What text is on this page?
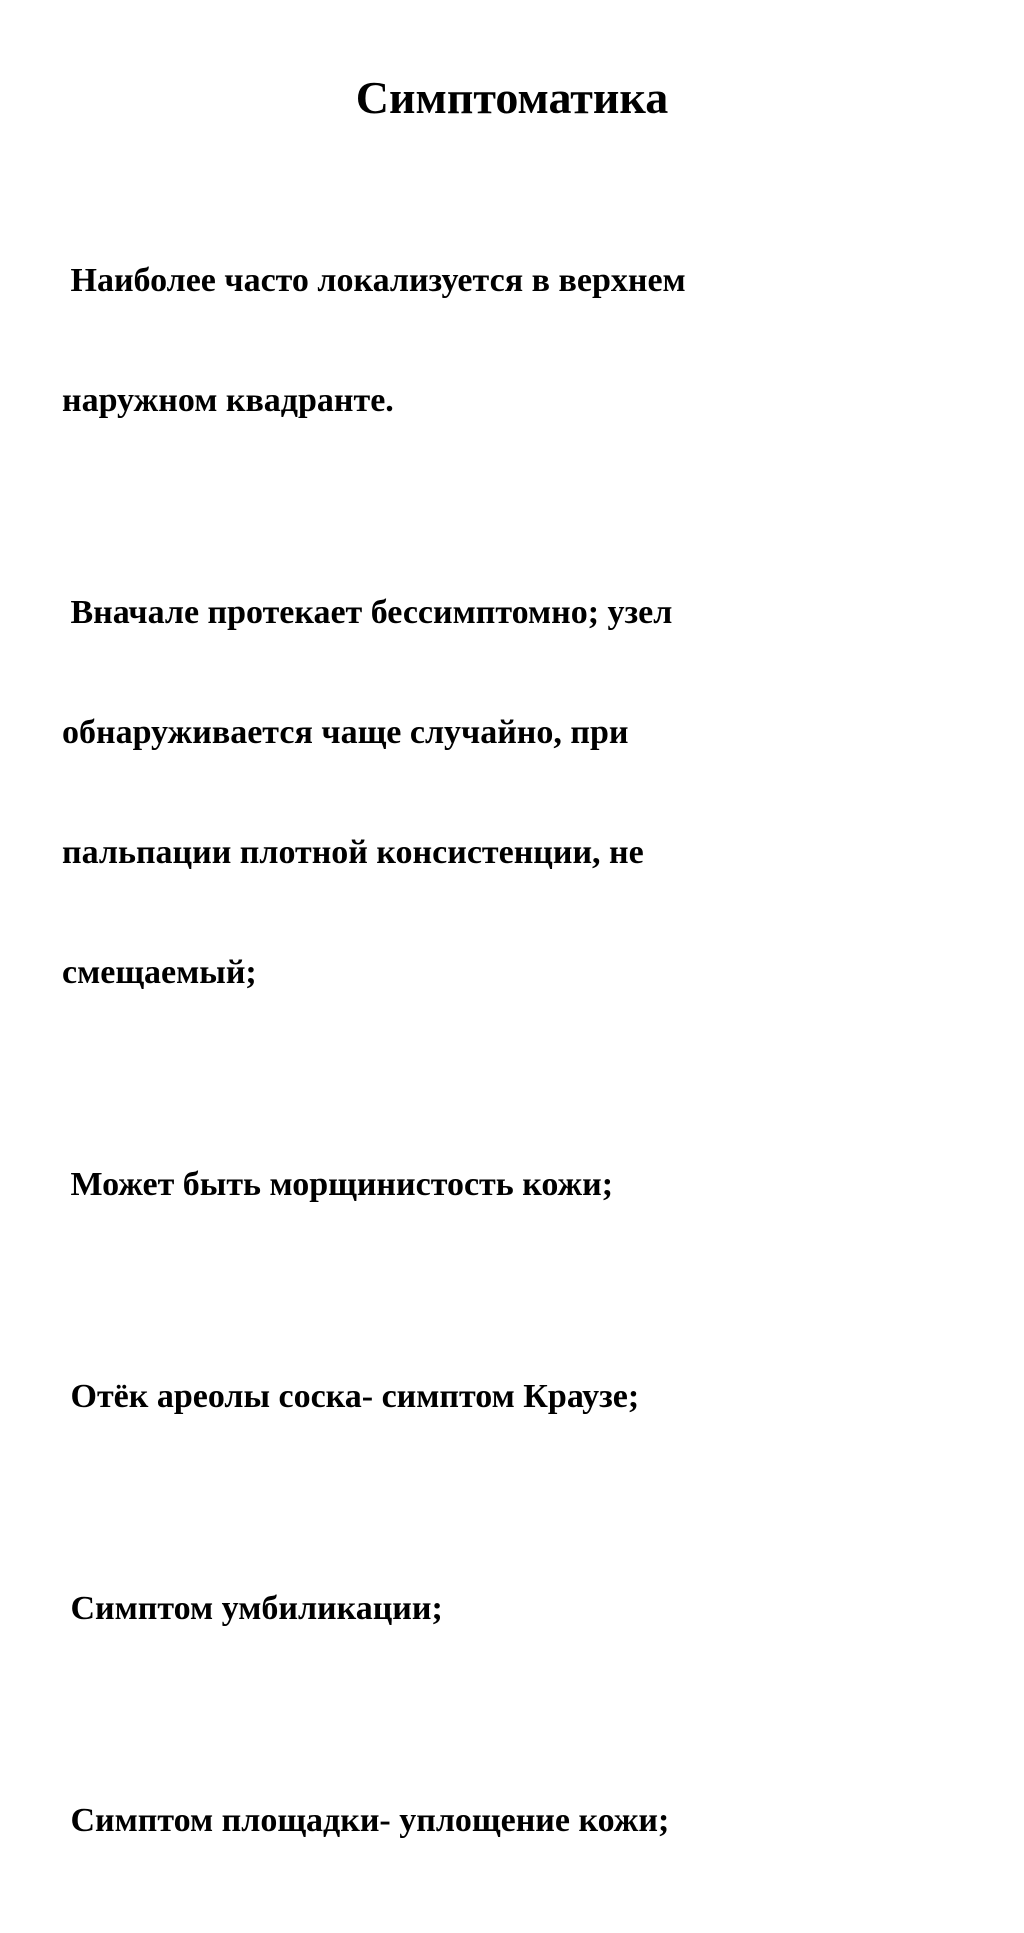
Симптоматика

Наиболее часто локализуется в верхнем

наружном квадранте.

Вначале протекает бессимптомно; узел

обнаруживается чаще случайно, при

пальпации плотной консистенции, не

смещаемый;

Может быть морщинистость кожи;

Отёк ареолы соска- симптом Краузе;

Симптом умбиликации;

Симптом площадки- уплощение кожи;
